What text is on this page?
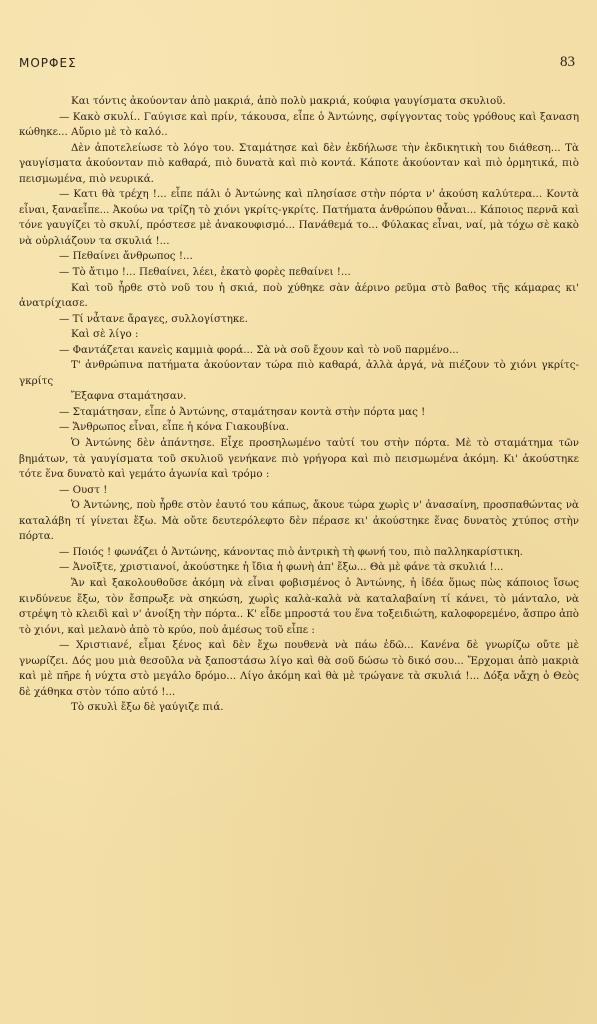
ΜΟΡΦΕΣ	83

Και τόντις ἀκούονταν ἀπὸ μακριά, ἀπὸ πολὺ μακριά, κούφια γαυγίσματα σκυλιοῦ.

— Κακὸ σκυλί.. Γαύγισε καὶ πρίν, τάκουσα, εἶπε ὁ Ἀντώνης, σφίγγοντας τοὺς γρόθους καὶ ξαναση κώθηκε... Αὔριο μὲ τὸ καλό..

Δὲν ἀποτελείωσε τὸ λόγο του. Σταμάτησε καὶ δὲν ἐκδήλωσε τὴν ἐκδικητικὴ του διάθεση... Τὰ γαυγίσματα ἀκούονταν πιὸ καθαρά, πιὸ δυνατὰ καὶ πιὸ κοντά. Κάποτε ἀκούονταν καὶ πιὸ ὁρμητικά, πιὸ πεισμωμένα, πιὸ νευρικά.

— Κατι θὰ τρέχη !... εἶπε πάλι ὁ Ἀντώνης καὶ πλησίασε στὴν πόρτα ν' ἀκούση καλύτερα... Κοντὰ εἶναι, ξαναεἶπε... Ἀκούω να τρίζη τὸ χιόνι γκρίτς-γκρίτς. Πατήματα ἀνθρώπου θἆναι... Κάποιος περνᾶ καὶ τόνε γαυγίζει τὸ σκυλί, πρόστεσε μὲ ἀνακουφισμό... Πανάθεμά το... Φύλακας εἶναι, ναί, μὰ τόχω σὲ κακὸ νὰ οὐρλιάζουν τα σκυλιά !...

— Πεθαίνει ἄνθρωπος !...

— Τὸ ἄτιμο !... Πεθαίνει, λέει, ἑκατὸ φορὲς πεθαίνει !...

Καὶ τοῦ ἦρθε στὸ νοῦ του ἡ σκιά, ποὺ χύθηκε σὰν ἀέρινο ρεῦμα στὸ βαθος τῆς κάμαρας κι' ἀνατρίχιασε.

— Τί νἆτανε ἄραγες, συλλογίστηκε.

Καὶ σὲ λίγο :

— Φαντάζεται κανεὶς καμμιὰ φορά... Σὰ νὰ σοῦ ἔχουν καὶ τὸ νοῦ παρμένο...

Τ' ἀνθρώπινα πατήματα ἀκούονταν τώρα πιὸ καθαρά, ἀλλὰ ἀργά, νὰ πιέζουν τὸ χιόνι γκρίτς-γκρίτς

Ἔξαφνα σταμάτησαν.

— Σταμάτησαν, εἶπε ὁ Ἀντώνης, σταμάτησαν κοντὰ στὴν πόρτα μας !

— Ἄνθρωπος εἶναι, εἶπε ἡ κόνα Γιακουβίνα.

Ὁ Ἀντώνης δὲν ἀπάντησε. Εἶχε προσηλωμένο ταὐτί του στὴν πόρτα. Μὲ τὸ σταμάτημα τῶν βημάτων, τὰ γαυγίσματα τοῦ σκυλιοῦ γενήκανε πιὸ γρήγορα καὶ πιὸ πεισμωμένα ἀκόμη. Κι' ἀκούστηκε τότε ἕνα δυνατὸ καὶ γεμάτο ἀγωνία καὶ τρόμο :

— Ουστ !

Ὁ Ἀντώνης, ποὺ ἦρθε στὸν ἑαυτό του κάπως, ἄκουε τώρα χωρὶς ν' ἀνασαίνη, προσπαθώντας νὰ καταλάβη τί γίνεται ἔξω. Μὰ οὔτε δευτερόλεφτο δὲν πέρασε κι' ἀκούστηκε ἕνας δυνατὸς χτύπος στὴν πόρτα.

— Ποιός ! φωνάζει ὁ Ἀντώνης, κάνοντας πιὸ ἀντρικὴ τὴ φωνή του, πιὸ παλληκαρίστικη.

— Ἀνοῖξτε, χριστιανοί, ἀκούστηκε ἡ ἴδια ἡ φωνὴ ἀπ' ἔξω... Θὰ μὲ φάνε τὰ σκυλιά !...

Ἄν καὶ ξακολουθοῦσε ἀκόμη νὰ εἶναι φοβισμένος ὁ Ἀντώνης, ἡ ἰδέα ὅμως πὼς κάποιος ἴσως κινδύνευε ἔξω, τὸν ἔσπρωξε νὰ σηκώση, χωρὶς καλὰ-καλὰ νὰ καταλαβαίνη τί κάνει, τὸ μάνταλο, νὰ στρέψη τὸ κλειδὶ καὶ ν' ἀνοίξη τὴν πόρτα.. Κ' εἶδε μπροστά του ἕνα τοξειδιώτη, καλοφορεμένο, ἄσπρο ἀπὸ τὸ χιόνι, καὶ μελανὸ ἀπὸ τὸ κρύο, ποὺ ἀμέσως τοῦ εἶπε :

— Χριστιανέ, εἶμαι ξένος καὶ δὲν ἔχω πουθενὰ νὰ πάω ἐδῶ... Κανένα δὲ γνωρίζω οὔτε μὲ γνωρίζει. Δός μου μιὰ θεσοῦλα νὰ ξαποστάσω λίγο καὶ θὰ σοῦ δώσω τὸ δικό σου... Ἔρχομαι ἀπὸ μακριὰ καὶ μὲ πῆρε ἡ νύχτα στὸ μεγάλο δρόμο... Λίγο ἀκόμη καὶ θὰ μὲ τρώγανε τὰ σκυλιά !... Δόξα νἄχη ὁ Θεὸς δὲ χάθηκα στὸν τόπο αὐτό !...

Τὸ σκυλὶ ἔξω δὲ γαύγιζε πιά.
